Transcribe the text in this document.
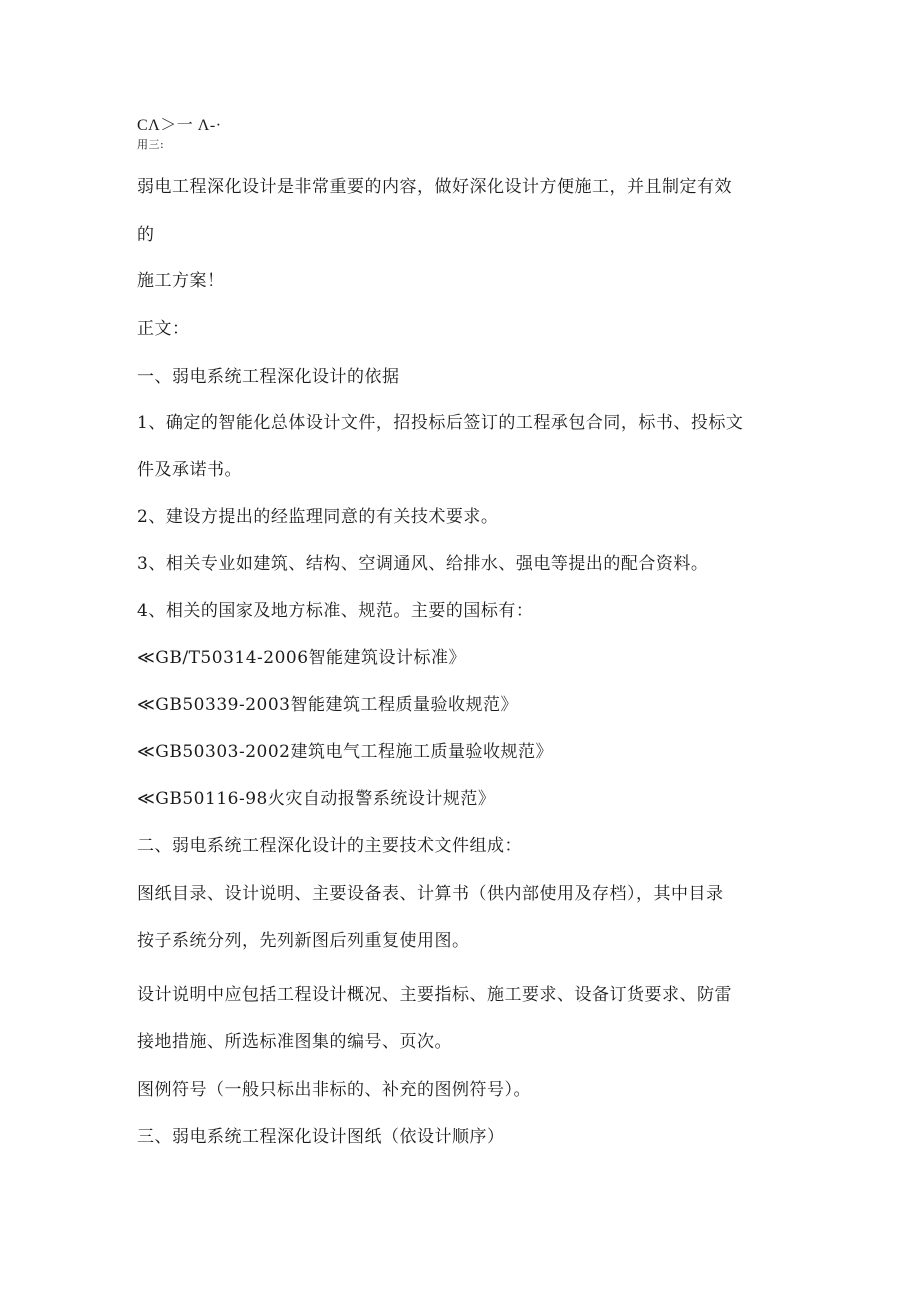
CΛ＞一 Λ-·
用三:
弱电工程深化设计是非常重要的内容，做好深化设计方便施工，并且制定有效
的
施工方案！
正文：
一、弱电系统工程深化设计的依据
1、确定的智能化总体设计文件，招投标后签订的工程承包合同，标书、投标文
件及承诺书。
2、建设方提出的经监理同意的有关技术要求。
3、相关专业如建筑、结构、空调通风、给排水、强电等提出的配合资料。
4、相关的国家及地方标准、规范。主要的国标有：
≪GB/T50314-2006智能建筑设计标准》
≪GB50339-2003智能建筑工程质量验收规范》
≪GB50303-2002建筑电气工程施工质量验收规范》
≪GB50116-98火灾自动报警系统设计规范》
二、弱电系统工程深化设计的主要技术文件组成：
图纸目录、设计说明、主要设备表、计算书（供内部使用及存档），其中目录
按子系统分列，先列新图后列重复使用图。
设计说明中应包括工程设计概况、主要指标、施工要求、设备订货要求、防雷
接地措施、所选标准图集的编号、页次。
图例符号（一般只标出非标的、补充的图例符号）。
三、弱电系统工程深化设计图纸（依设计顺序）
